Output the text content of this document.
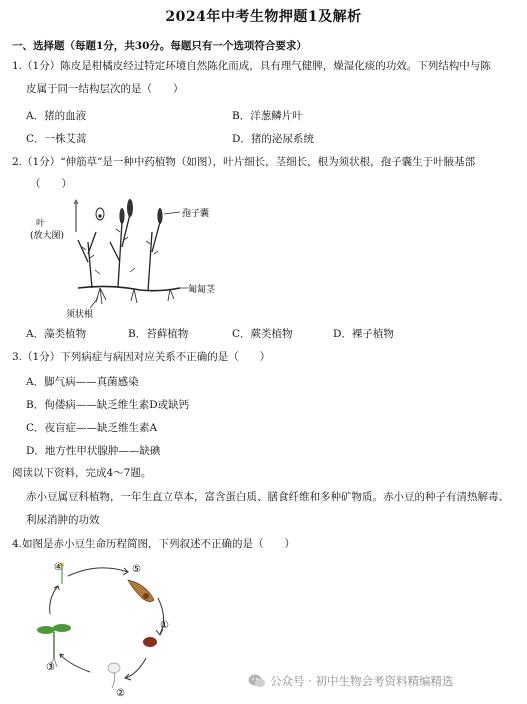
2024年中考生物押题1及解析
一、选择题（每题1分，共30分。每题只有一个选项符合要求）
1.（1分）陈皮是柑橘皮经过特定环境自然陈化而成，具有理气健脾，燥湿化痰的功效。下列结构中与陈
皮属于同一结构层次的是（　　）
A．猪的血液	B．洋葱鳞片叶
C．一株艾蒿	D．猪的泌尿系统
2.（1分）“伸筋草”是一种中药植物（如图），叶片细长，茎细长，根为须状根，孢子囊生于叶腋基部
（　　）
叶
(放大图)
孢子囊
匍匐茎
须状根
A．藻类植物	B．苔藓植物	C．蕨类植物	D．裸子植物
3.（1分）下列病症与病因对应关系不正确的是（　　）
A．脚气病——真菌感染
B．佝偻病——缺乏维生素D或缺钙
C．夜盲症——缺乏维生素A
D．地方性甲状腺肿——缺碘
阅读以下资料，完成4～7题。
赤小豆属豆科植物，一年生直立草本，富含蛋白质、膳食纤维和多种矿物质。赤小豆的种子有清热解毒、
利尿消肿的功效
4.如图是赤小豆生命历程简图，下列叙述不正确的是（　　）
④	⑤
①
②
③
公众号 · 初中生物会考资料精编精选
